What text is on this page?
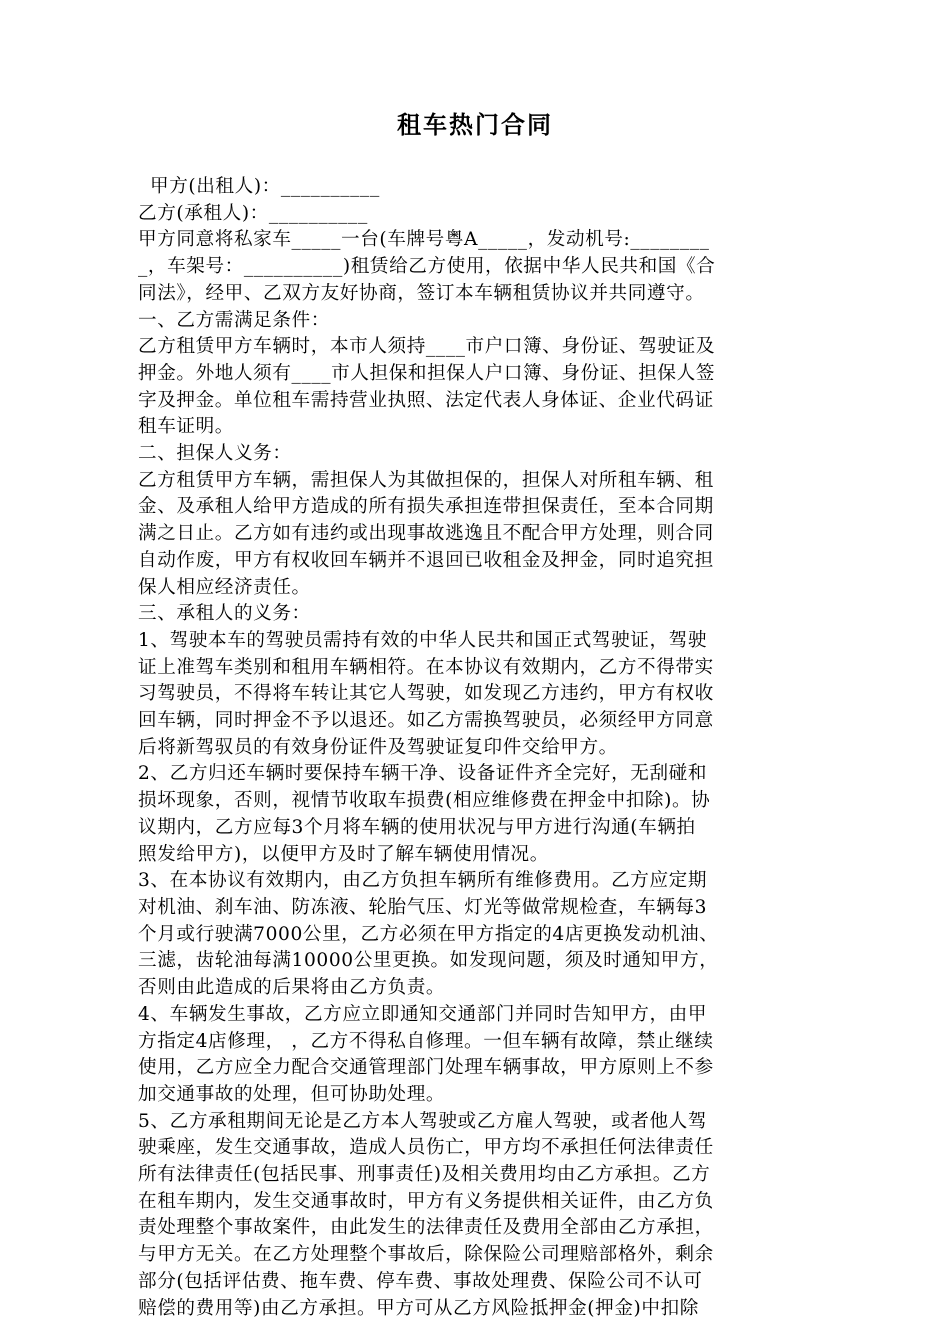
租车热门合同
甲方(出租人)：__________
乙方(承租人)：__________
甲方同意将私家车_____一台(车牌号粤A_____，发动机号:________
_，车架号：__________)租赁给乙方使用，依据中华人民共和国《合
同法》，经甲、乙双方友好协商，签订本车辆租赁协议并共同遵守。
一、乙方需满足条件：
乙方租赁甲方车辆时，本市人须持____市户口簿、身份证、驾驶证及
押金。外地人须有____市人担保和担保人户口簿、身份证、担保人签
字及押金。单位租车需持营业执照、法定代表人身体证、企业代码证
租车证明。
二、担保人义务：
乙方租赁甲方车辆，需担保人为其做担保的，担保人对所租车辆、租
金、及承租人给甲方造成的所有损失承担连带担保责任，至本合同期
满之日止。乙方如有违约或出现事故逃逸且不配合甲方处理，则合同
自动作废，甲方有权收回车辆并不退回已收租金及押金，同时追究担
保人相应经济责任。
三、承租人的义务：
1、驾驶本车的驾驶员需持有效的中华人民共和国正式驾驶证，驾驶
证上准驾车类别和租用车辆相符。在本协议有效期内，乙方不得带实
习驾驶员，不得将车转让其它人驾驶，如发现乙方违约，甲方有权收
回车辆，同时押金不予以退还。如乙方需换驾驶员，必须经甲方同意
后将新驾驭员的有效身份证件及驾驶证复印件交给甲方。
2、乙方归还车辆时要保持车辆干净、设备证件齐全完好，无刮碰和
损坏现象，否则，视情节收取车损费(相应维修费在押金中扣除)。协
议期内，乙方应每3个月将车辆的使用状况与甲方进行沟通(车辆拍
照发给甲方)，以便甲方及时了解车辆使用情况。
3、在本协议有效期内，由乙方负担车辆所有维修费用。乙方应定期
对机油、刹车油、防冻液、轮胎气压、灯光等做常规检查，车辆每3
个月或行驶满7000公里，乙方必须在甲方指定的4店更换发动机油、
三滤，齿轮油每满10000公里更换。如发现问题，须及时通知甲方，
否则由此造成的后果将由乙方负责。
4、车辆发生事故，乙方应立即通知交通部门并同时告知甲方，由甲
方指定4店修理， ，乙方不得私自修理。一但车辆有故障，禁止继续
使用，乙方应全力配合交通管理部门处理车辆事故，甲方原则上不参
加交通事故的处理，但可协助处理。
5、乙方承租期间无论是乙方本人驾驶或乙方雇人驾驶，或者他人驾
驶乘座，发生交通事故，造成人员伤亡，甲方均不承担任何法律责任
所有法律责任(包括民事、刑事责任)及相关费用均由乙方承担。乙方
在租车期内，发生交通事故时，甲方有义务提供相关证件，由乙方负
责处理整个事故案件，由此发生的法律责任及费用全部由乙方承担，
与甲方无关。在乙方处理整个事故后，除保险公司理赔部格外，剩余
部分(包括评估费、拖车费、停车费、事故处理费、保险公司不认可
赔偿的费用等)由乙方承担。甲方可从乙方风险抵押金(押金)中扣除
